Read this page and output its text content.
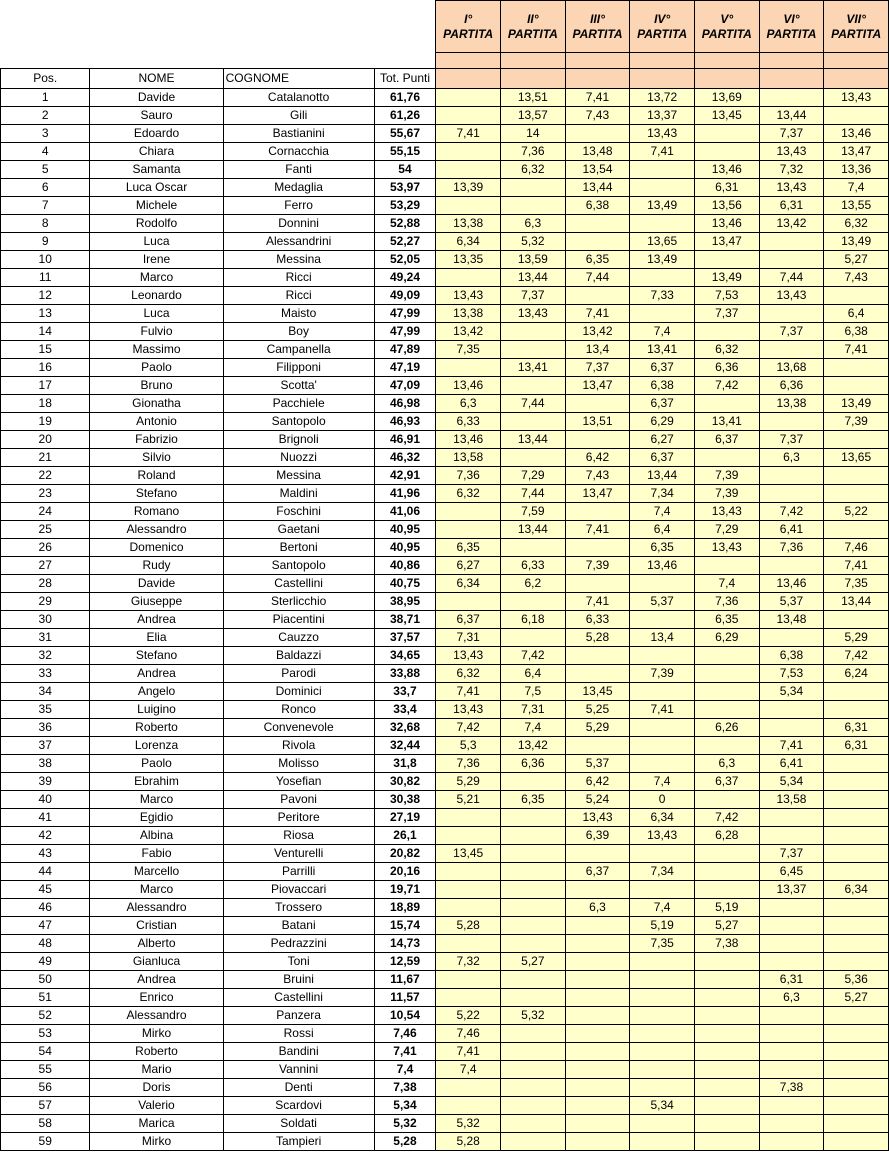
				I°
PARTITA	II°
PARTITA	III°
PARTITA	IV°
PARTITA	V°
PARTITA	VI°
PARTITA	VII°
PARTITA

Pos.	NOME	COGNOME	Tot. Punti							
1	Davide	Catalanotto	61,76		13,51	7,41	13,72	13,69		13,43
2	Sauro	Gili	61,26		13,57	7,43	13,37	13,45	13,44	
3	Edoardo	Bastianini	55,67	7,41	14		13,43		7,37	13,46
4	Chiara	Cornacchia	55,15		7,36	13,48	7,41		13,43	13,47
5	Samanta	Fanti	54		6,32	13,54		13,46	7,32	13,36
6	Luca Oscar	Medaglia	53,97	13,39		13,44		6,31	13,43	7,4
7	Michele	Ferro	53,29			6,38	13,49	13,56	6,31	13,55
8	Rodolfo	Donnini	52,88	13,38	6,3			13,46	13,42	6,32
9	Luca	Alessandrini	52,27	6,34	5,32		13,65	13,47		13,49
10	Irene	Messina	52,05	13,35	13,59	6,35	13,49			5,27
11	Marco	Ricci	49,24		13,44	7,44		13,49	7,44	7,43
12	Leonardo	Ricci	49,09	13,43	7,37		7,33	7,53	13,43	
13	Luca	Maisto	47,99	13,38	13,43	7,41		7,37		6,4
14	Fulvio	Boy	47,99	13,42		13,42	7,4		7,37	6,38
15	Massimo	Campanella	47,89	7,35		13,4	13,41	6,32		7,41
16	Paolo	Filipponi	47,19		13,41	7,37	6,37	6,36	13,68	
17	Bruno	Scotta'	47,09	13,46		13,47	6,38	7,42	6,36	
18	Gionatha	Pacchiele	46,98	6,3	7,44		6,37		13,38	13,49
19	Antonio	Santopolo	46,93	6,33		13,51	6,29	13,41		7,39
20	Fabrizio	Brignoli	46,91	13,46	13,44		6,27	6,37	7,37	
21	Silvio	Nuozzi	46,32	13,58		6,42	6,37		6,3	13,65
22	Roland	Messina	42,91	7,36	7,29	7,43	13,44	7,39		
23	Stefano	Maldini	41,96	6,32	7,44	13,47	7,34	7,39		
24	Romano	Foschini	41,06		7,59		7,4	13,43	7,42	5,22
25	Alessandro	Gaetani	40,95		13,44	7,41	6,4	7,29	6,41	
26	Domenico	Bertoni	40,95	6,35			6,35	13,43	7,36	7,46
27	Rudy	Santopolo	40,86	6,27	6,33	7,39	13,46			7,41
28	Davide	Castellini	40,75	6,34	6,2			7,4	13,46	7,35
29	Giuseppe	Sterlicchio	38,95			7,41	5,37	7,36	5,37	13,44
30	Andrea	Piacentini	38,71	6,37	6,18	6,33		6,35	13,48	
31	Elia	Cauzzo	37,57	7,31		5,28	13,4	6,29		5,29
32	Stefano	Baldazzi	34,65	13,43	7,42				6,38	7,42
33	Andrea	Parodi	33,88	6,32	6,4		7,39		7,53	6,24
34	Angelo	Dominici	33,7	7,41	7,5	13,45			5,34	
35	Luigino	Ronco	33,4	13,43	7,31	5,25	7,41			
36	Roberto	Convenevole	32,68	7,42	7,4	5,29		6,26		6,31
37	Lorenza	Rivola	32,44	5,3	13,42				7,41	6,31
38	Paolo	Molisso	31,8	7,36	6,36	5,37		6,3	6,41	
39	Ebrahim	Yosefian	30,82	5,29		6,42	7,4	6,37	5,34	
40	Marco	Pavoni	30,38	5,21	6,35	5,24	0		13,58	
41	Egidio	Peritore	27,19			13,43	6,34	7,42		
42	Albina	Riosa	26,1			6,39	13,43	6,28		
43	Fabio	Venturelli	20,82	13,45					7,37	
44	Marcello	Parrilli	20,16			6,37	7,34		6,45	
45	Marco	Piovaccari	19,71						13,37	6,34
46	Alessandro	Trossero	18,89			6,3	7,4	5,19		
47	Cristian	Batani	15,74	5,28			5,19	5,27		
48	Alberto	Pedrazzini	14,73				7,35	7,38		
49	Gianluca	Toni	12,59	7,32	5,27					
50	Andrea	Bruini	11,67						6,31	5,36
51	Enrico	Castellini	11,57						6,3	5,27
52	Alessandro	Panzera	10,54	5,22	5,32					
53	Mirko	Rossi	7,46	7,46						
54	Roberto	Bandini	7,41	7,41						
55	Mario	Vannini	7,4	7,4						
56	Doris	Denti	7,38						7,38	
57	Valerio	Scardovi	5,34				5,34			
58	Marica	Soldati	5,32	5,32						
59	Mirko	Tampieri	5,28	5,28						
